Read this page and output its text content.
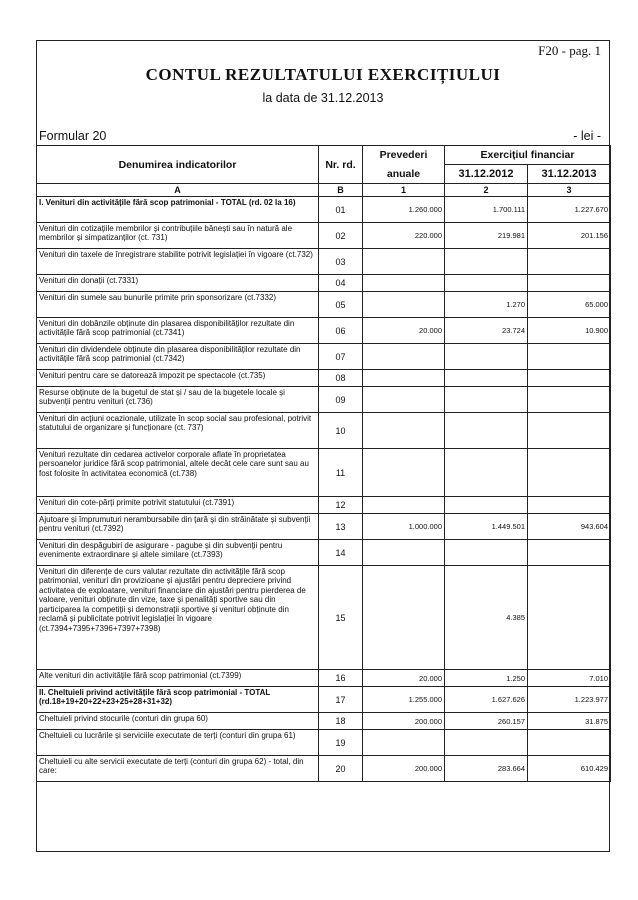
F20 - pag. 1
CONTUL REZULTATULUI EXERCIȚIULUI
la data de 31.12.2013
Formular 20	- lei -
Denumirea indicatorilor	Nr. rd.	Prevederi	Exercițiul financiar	
		anuale	31.12.2012	31.12.2013
A	B	1	2	3
I. Venituri din activitățile fără scop patrimonial - TOTAL (rd. 02 la 16)	01	1.260.000	1.700.111	1.227.670
Venituri din cotizațiile membrilor și contribuțiile bănești sau în natură ale membrilor și simpatizanților (ct. 731)	02	220.000	219.981	201.156
Venituri din taxele de înregistrare stabilite potrivit legislației în vigoare (ct.732)	03			
Venituri din donații (ct.7331)	04			
Venituri din sumele sau bunurile primite prin sponsorizare (ct.7332)	05		1.270	65.000
Venituri din dobânzile obținute din plasarea disponibilităților rezultate din activitățile fără scop patrimonial (ct.7341)	06	20.000	23.724	10.900
Venituri din dividendele obținute din plasarea disponibilităților rezultate din activitățile fără scop patrimonial (ct.7342)	07			
Venituri pentru care se datorează impozit pe spectacole (ct.735)	08			
Resurse obținute de la bugetul de stat și / sau de la bugetele locale și subvenții pentru venituri (ct.736)	09			
Venituri din acțiuni ocazionale, utilizate în scop social sau profesional, potrivit statutului de organizare și funcționare (ct. 737)	10			
Venituri rezultate din cedarea activelor corporale aflate în proprietatea persoanelor juridice fără scop patrimonial, altele decât cele care sunt sau au fost folosite în activitatea economică (ct.738)	11			
Venituri din cote-părți primite potrivit statutului (ct.7391)	12			
Ajutoare și împrumuturi nerambursabile din țară și din străinătate și subvenții pentru venituri (ct.7392)	13	1.000.000	1.449.501	943.604
Venituri din despăgubiri de asigurare - pagube și din subvenții pentru evenimente extraordinare și altele similare (ct.7393)	14			
Venituri din diferențe de curs valutar rezultate din activitățile fără scop patrimonial, venituri din provizioane și ajustări pentru depreciere privind activitatea de exploatare, venituri financiare din ajustări pentru pierderea de valoare, venituri obținute din vize, taxe și penalități sportive sau din participarea la competiții și demonstrații sportive și venituri obținute din reclamă și publicitate potrivit legislației în vigoare (ct.7394+7395+7396+7397+7398)	15		4.385	
Alte venituri din activitățile fără scop patrimonial (ct.7399)	16	20.000	1.250	7.010
II. Cheltuieli privind activitățile fără scop patrimonial - TOTAL (rd.18+19+20+22+23+25+28+31+32)	17	1.255.000	1.627.626	1.223.977
Cheltuieli privind stocurile (conturi din grupa 60)	18	200.000	260.157	31.875
Cheltuieli cu lucrările și serviciile executate de terți (conturi din grupa 61)	19			
Cheltuieli cu alte servicii executate de terți (conturi din grupa 62) - total, din care:	20	200.000	283.664	610.429
